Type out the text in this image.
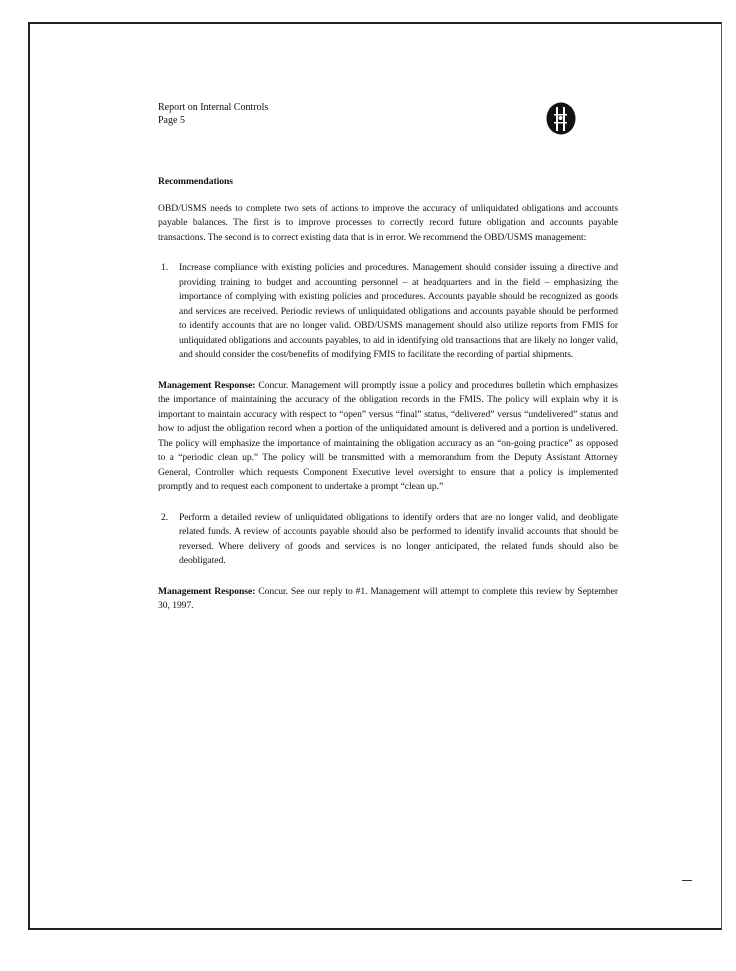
Report on Internal Controls
Page 5
Recommendations

OBD/USMS needs to complete two sets of actions to improve the accuracy of unliquidated obligations and accounts payable balances. The first is to improve processes to correctly record future obligation and accounts payable transactions. The second is to correct existing data that is in error. We recommend the OBD/USMS management:

1. Increase compliance with existing policies and procedures. Management should consider issuing a directive and providing training to budget and accounting personnel – at headquarters and in the field – emphasizing the importance of complying with existing policies and procedures. Accounts payable should be recognized as goods and services are received. Periodic reviews of unliquidated obligations and accounts payable should be performed to identify accounts that are no longer valid. OBD/USMS management should also utilize reports from FMIS for unliquidated obligations and accounts payables, to aid in identifying old transactions that are likely no longer valid, and should consider the cost/benefits of modifying FMIS to facilitate the recording of partial shipments.

Management Response: Concur. Management will promptly issue a policy and procedures bulletin which emphasizes the importance of maintaining the accuracy of the obligation records in the FMIS. The policy will explain why it is important to maintain accuracy with respect to “open” versus “final” status, “delivered” versus “undelivered” status and how to adjust the obligation record when a portion of the unliquidated amount is delivered and a portion is undelivered. The policy will emphasize the importance of maintaining the obligation accuracy as an “on-going practice” as opposed to a “periodic clean up.” The policy will be transmitted with a memorandum from the Deputy Assistant Attorney General, Controller which requests Component Executive level oversight to ensure that a policy is implemented promptly and to request each component to undertake a prompt “clean up.”

2. Perform a detailed review of unliquidated obligations to identify orders that are no longer valid, and deobligate related funds. A review of accounts payable should also be performed to identify invalid accounts that should be reversed. Where delivery of goods and services is no longer anticipated, the related funds should also be deobligated.

Management Response: Concur. See our reply to #1. Management will attempt to complete this review by September 30, 1997.
